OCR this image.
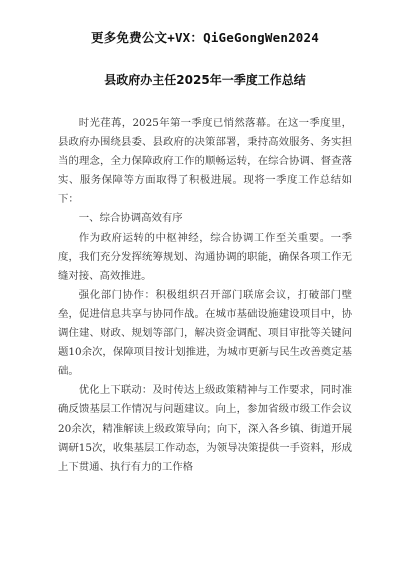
更多免费公文+VX：QiGeGongWen2024
县政府办主任2025年一季度工作总结

时光荏苒，2025年第一季度已悄然落幕。在这一季度里，县政府办围绕县委、县政府的决策部署，秉持高效服务、务实担当的理念，全力保障政府工作的顺畅运转，在综合协调、督查落实、服务保障等方面取得了积极进展。现将一季度工作总结如下：

一、综合协调高效有序

作为政府运转的中枢神经，综合协调工作至关重要。一季度，我们充分发挥统筹规划、沟通协调的职能，确保各项工作无缝对接、高效推进。

强化部门协作：积极组织召开部门联席会议，打破部门壁垒，促进信息共享与协同作战。在城市基础设施建设项目中，协调住建、财政、规划等部门，解决资金调配、项目审批等关键问题10余次，保障项目按计划推进，为城市更新与民生改善奠定基础。

优化上下联动：及时传达上级政策精神与工作要求，同时准确反馈基层工作情况与问题建议。向上，参加省级市级工作会议20余次，精准解读上级政策导向；向下，深入各乡镇、街道开展调研15次，收集基层工作动态，为领导决策提供一手资料，形成上下贯通、执行有力的工作格
